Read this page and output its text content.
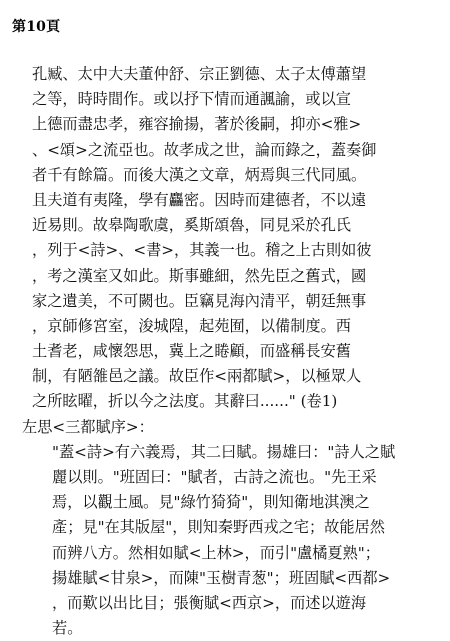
第10頁
孔臧、太中大夫董仲舒、宗正劉德、太子太傅蕭望
之等，時時間作。或以抒下情而通諷諭，或以宣
上德而盡忠孝，雍容揄揚，著於後嗣，抑亦<雅>
、<頌>之流亞也。故孝成之世，論而錄之，蓋奏御
者千有餘篇。而後大漢之文章，炳焉與三代同風。
且夫道有夷隆，學有麤密。因時而建德者，不以遠
近易則。故皋陶歌虞，奚斯頌魯，同見采於孔氏
，列于<詩>、<書>，其義一也。稽之上古則如彼
，考之漢室又如此。斯事雖細，然先臣之舊式，國
家之遺美，不可闕也。臣竊見海內清平，朝廷無事
，京師修宮室，浚城隍，起苑囿，以備制度。西
土耆老，咸懷怨思，冀上之睠顧，而盛稱長安舊
制，有陋雒邑之議。故臣作<兩都賦>，以極眾人
之所眩曜，折以今之法度。其辭曰......" (卷1)
左思<三都賦序>：
"蓋<詩>有六義焉，其二曰賦。揚雄曰："詩人之賦
麗以則。"班固曰："賦者，古詩之流也。"先王采
焉，以觀土風。見"綠竹猗猗"，則知衛地淇澳之
產；見"在其版屋"，則知秦野西戎之宅；故能居然
而辨八方。然相如賦<上林>，而引"盧橘夏熟"；
揚雄賦<甘泉>，而陳"玉樹青葱"；班固賦<西都>
，而歎以出比目；張衡賦<西京>，而述以遊海
若。
